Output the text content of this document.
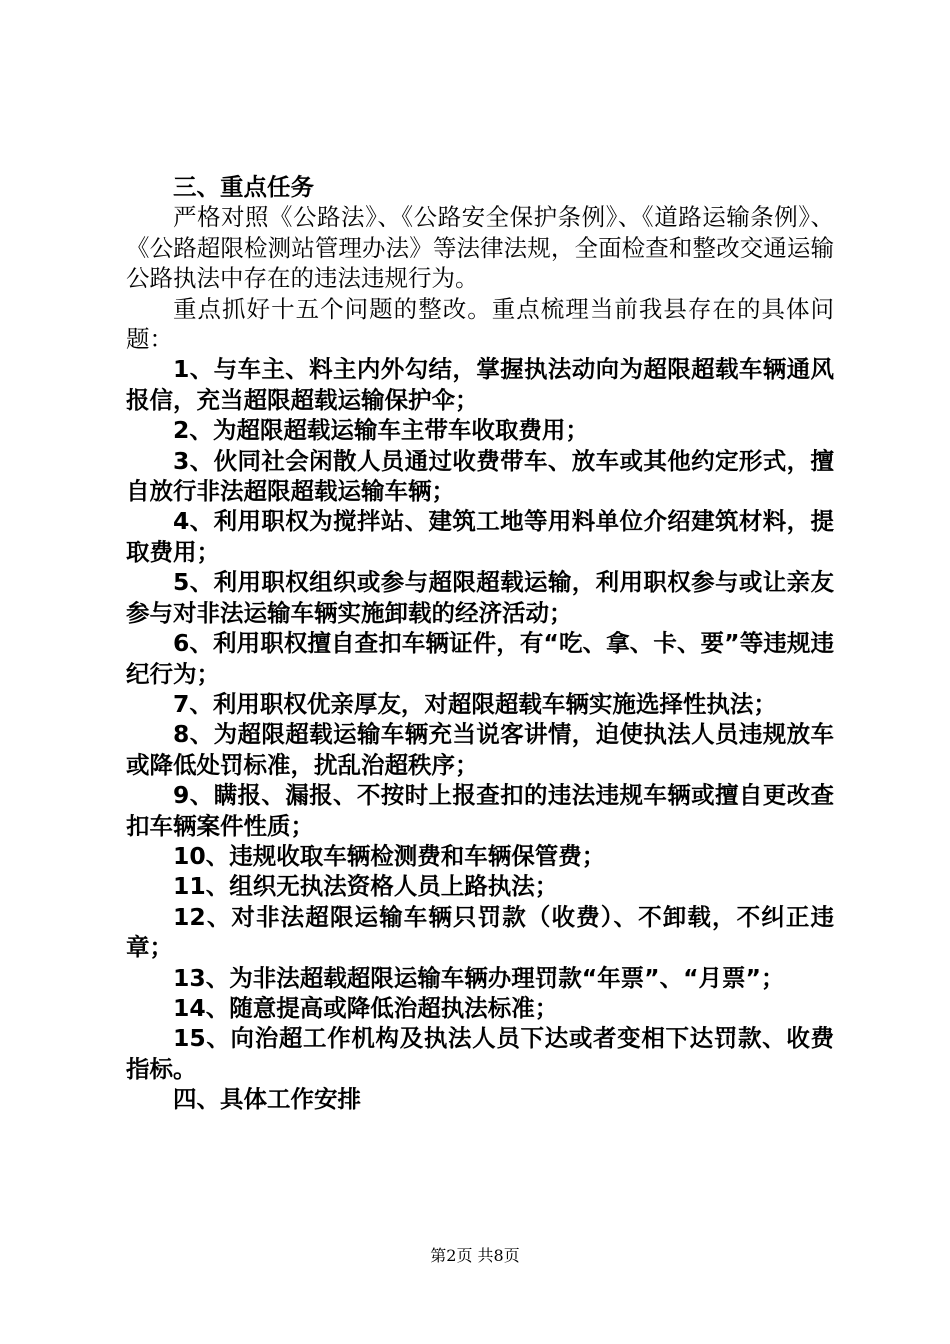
三、重点任务

严格对照《公路法》、《公路安全保护条例》、《道路运输条例》、《公路超限检测站管理办法》等法律法规，全面检查和整改交通运输公路执法中存在的违法违规行为。

重点抓好十五个问题的整改。重点梳理当前我县存在的具体问题：

1、与车主、料主内外勾结，掌握执法动向为超限超载车辆通风报信，充当超限超载运输保护伞；

2、为超限超载运输车主带车收取费用；

3、伙同社会闲散人员通过收费带车、放车或其他约定形式，擅自放行非法超限超载运输车辆；

4、利用职权为搅拌站、建筑工地等用料单位介绍建筑材料，提取费用；

5、利用职权组织或参与超限超载运输，利用职权参与或让亲友参与对非法运输车辆实施卸载的经济活动；

6、利用职权擅自查扣车辆证件，有“吃、拿、卡、要”等违规违纪行为；

7、利用职权优亲厚友，对超限超载车辆实施选择性执法；

8、为超限超载运输车辆充当说客讲情，迫使执法人员违规放车或降低处罚标准，扰乱治超秩序；

9、瞒报、漏报、不按时上报查扣的违法违规车辆或擅自更改查扣车辆案件性质；

10、违规收取车辆检测费和车辆保管费；

11、组织无执法资格人员上路执法；

12、对非法超限运输车辆只罚款（收费）、不卸载，不纠正违章；

13、为非法超载超限运输车辆办理罚款“年票”、“月票”；

14、随意提高或降低治超执法标准；

15、向治超工作机构及执法人员下达或者变相下达罚款、收费指标。

四、具体工作安排

第2页 共8页
